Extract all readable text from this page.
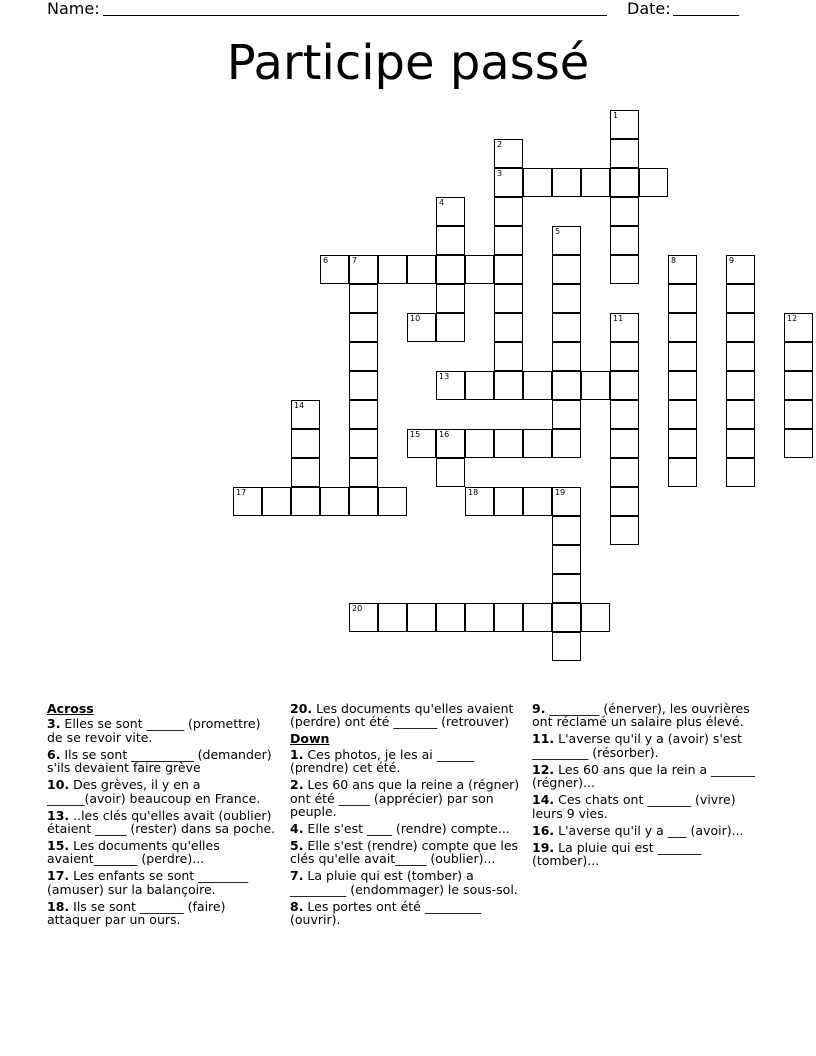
Name:	Date:
Participe passé
1
2
3
4
5
6	7	8	9
10	11	12
13
14
15 16
17	18	19
20
Across
3. Elles se sont ______ (promettre) de se revoir vite.
6. Ils se sont __________ (demander) s'ils devaient faire grève
10. Des grèves, il y en a ______(avoir) beaucoup en France.
13. ..les clés qu'elles avait (oublier) étaient _____ (rester) dans sa poche.
15. Les documents qu'elles avaient_______ (perdre)...
17. Les enfants se sont ________ (amuser) sur la balançoire.
18. Ils se sont _______ (faire) attaquer par un ours.
20. Les documents qu'elles avaient (perdre) ont été _______ (retrouver)
Down
1. Ces photos, je les ai ______ (prendre) cet été.
2. Les 60 ans que la reine a (régner) ont été _____ (apprécier) par son peuple.
4. Elle s'est ____ (rendre) compte...
5. Elle s'est (rendre) compte que les clés qu'elle avait_____ (oublier)...
7. La pluie qui est (tomber) a _________ (endommager) le sous-sol.
8. Les portes ont été _________ (ouvrir).
9. ________ (énerver), les ouvrières ont réclamé un salaire plus élevé.
11. L'averse qu'il y a (avoir) s'est _________ (résorber).
12. Les 60 ans que la rein a _______ (régner)...
14. Ces chats ont _______ (vivre) leurs 9 vies.
16. L'averse qu'il y a ___ (avoir)...
19. La pluie qui est _______ (tomber)...
